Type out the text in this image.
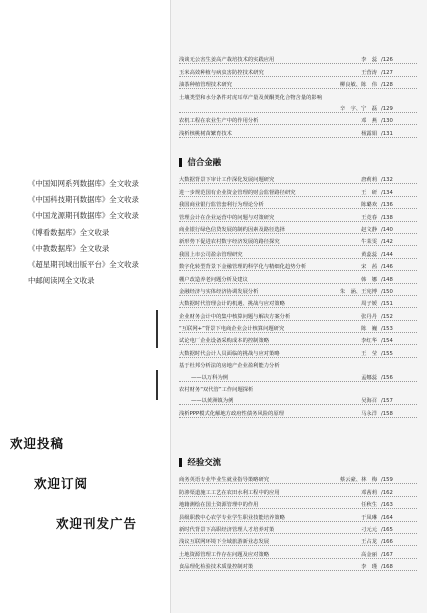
《中国知网系列数据库》全文收录
《中国科技期刊数据库》全文收录
《中国龙源期刊数据库》全文收录
《博看数据库》全文收录
《中教数据库》全文收录
《超星期刊域出版平台》全文收录
中邮阅读网全文收录
欢迎投稿
欢迎订阅
欢迎刊发广告
浅谈无公害生姜高产栽培技术的实践应用	李　蕊 /126
玉米高效种植与病虫害防控技术研究	王营涛 /127
油茶种植管理技术研究	柳良敏、陈　伟 /128
土壤类型和水分条件对虎耳草产量及黄酮类化合物含量的影响
辛　宇、宁　磊 /129
农机工程在农业生产中的作用分析	邓　燕 /130
浅析核桃树苗繁育技术	杨露娟 /131
信合金融
大数据背景下审计工作深化发展问题研究	唐莉莉 /132
进一步规范国有企业资金管理的财会监督路径研究	王　研 /134
我国商业银行监管套利行为理论分析	陈璐欢 /136
管理会计在企业运营中的问题与对策研究	王竞春 /138
商业银行绿色信贷发展的制约因素及路径选择	赵文静 /140
新形势下促进农村数字经济发展的路径探究	牛茉雯 /142
我国上市公司盈余管理研究	黄蕊蕊 /144
数字化转型背景下金融管理的科学化与精细化趋势分析	宋　茜 /146
棚户改造养老问题分析及建议	韩　娜 /148
金融经济与实体经济协调发展分析	朱　涵、王宪博 /150
大数据时代管理会计的机遇、挑战与应对策略	周子媛 /151
企业财务会计中的集中核算问题与解决方案分析	张丹丹 /152
“互联网+”背景下电商企业会计核算问题研究	陈　巍 /153
试论电厂企业设备采购成本的控制策略	李红华 /154
大数据时代会计人员面临的挑战与应对策略	王　莹 /155
基于杜邦分析法的房地产企业盈利能力分析
——以万科为例	孟娜蕊 /156
农村财务“双代管”工作问题探析
——以黄洲镇为例	吴海召 /157
浅析PPP模式化解地方政府性债务风险的原理	马永洋 /158
经验交流
商务英语专业毕业生就业指导策略研究	蔡云豪、林　梅 /159
防渗渠道施工工艺在农田水利工程中的应用	邓茜莉 /162
地籍测绘在国土资源管理中的作用	任秋生 /163
县级职教中心农学专业学生职业技能培养策略	于凤琳 /164
新时代背景下高职经济管理人才培养对策	刁元元 /165
浅议互联网环境下全域旅游新业态发展	王占龙 /166
土地资源管理工作存在问题及应对策略	高金丽 /167
食品理化检验技术质量控制对策	李　瑾 /168
